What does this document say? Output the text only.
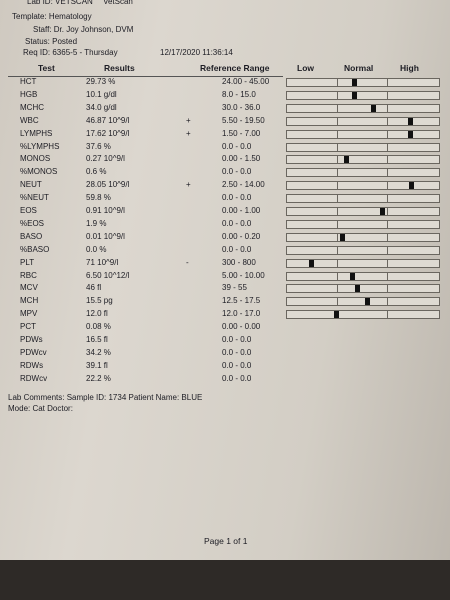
Lab ID: VETSCAN VetScan
Template: Hematology
Staff: Dr. Joy Johnson, DVM
Status: Posted
Req ID: 6365-5 - Thursday	12/17/2020 11:36:14
Test	Results	Reference Range	Low	Normal	High
HCT	29.73 %	24.00 - 45.00
HGB	10.1 g/dl	8.0 - 15.0
MCHC	34.0 g/dl	30.0 - 36.0
WBC	46.87 10^9/l	+	5.50 - 19.50
LYMPHS	17.62 10^9/l	+	1.50 - 7.00
%LYMPHS	37.6 %	0.0 - 0.0
MONOS	0.27 10^9/l	0.00 - 1.50
%MONOS	0.6 %	0.0 - 0.0
NEUT	28.05 10^9/l	+	2.50 - 14.00
%NEUT	59.8 %	0.0 - 0.0
EOS	0.91 10^9/l	0.00 - 1.00
%EOS	1.9 %	0.0 - 0.0
BASO	0.01 10^9/l	0.00 - 0.20
%BASO	0.0 %	0.0 - 0.0
PLT	71 10^9/l	-	300 - 800
RBC	6.50 10^12/l	5.00 - 10.00
MCV	46 fl	39 - 55
MCH	15.5 pg	12.5 - 17.5
MPV	12.0 fl	12.0 - 17.0
PCT	0.08 %	0.00 - 0.00
PDWs	16.5 fl	0.0 - 0.0
PDWcv	34.2 %	0.0 - 0.0
RDWs	39.1 fl	0.0 - 0.0
RDWcv	22.2 %	0.0 - 0.0
Lab Comments: Sample ID: 1734 Patient Name: BLUE
Mode: Cat Doctor:
Page 1 of 1
